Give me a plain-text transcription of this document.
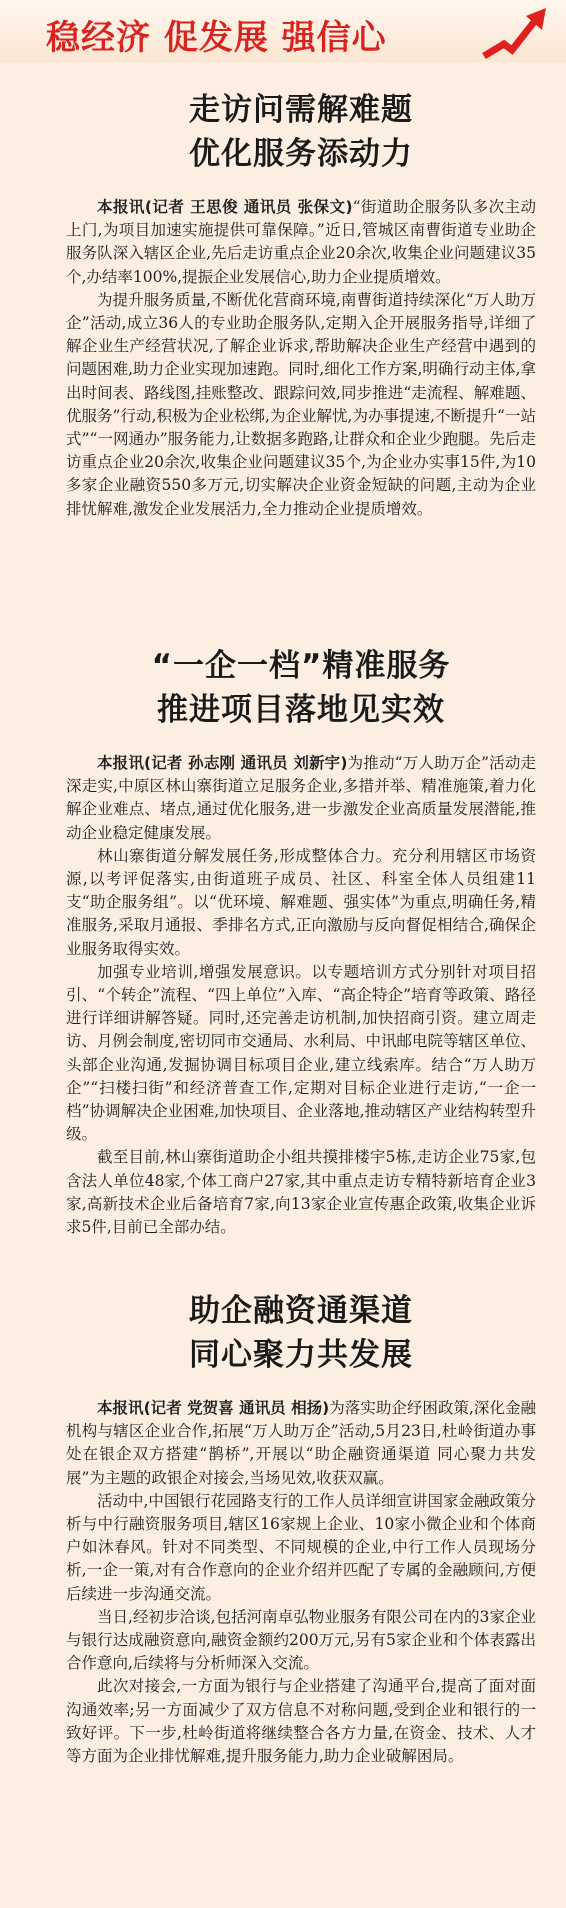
稳经济 促发展 强信心
走访问需解难题
优化服务添动力

本报讯(记者 王思俊 通讯员 张保文)“街道助企服务队多次主动上门,为项目加速实施提供可靠保障。”近日,管城区南曹街道专业助企服务队深入辖区企业,先后走访重点企业20余次,收集企业问题建议35个,办结率100%,提振企业发展信心,助力企业提质增效。

为提升服务质量,不断优化营商环境,南曹街道持续深化“万人助万企”活动,成立36人的专业助企服务队,定期入企开展服务指导,详细了解企业生产经营状况,了解企业诉求,帮助解决企业生产经营中遇到的问题困难,助力企业实现加速跑。同时,细化工作方案,明确行动主体,拿出时间表、路线图,挂账整改、跟踪问效,同步推进“走流程、解难题、优服务”行动,积极为企业松绑,为企业解忧,为办事提速,不断提升“一站式”“一网通办”服务能力,让数据多跑路,让群众和企业少跑腿。先后走访重点企业20余次,收集企业问题建议35个,为企业办实事15件,为10多家企业融资550多万元,切实解决企业资金短缺的问题,主动为企业排忧解难,激发企业发展活力,全力推动企业提质增效。

“一企一档”精准服务
推进项目落地见实效

本报讯(记者 孙志刚 通讯员 刘新宇)为推动“万人助万企”活动走深走实,中原区林山寨街道立足服务企业,多措并举、精准施策,着力化解企业难点、堵点,通过优化服务,进一步激发企业高质量发展潜能,推动企业稳定健康发展。

林山寨街道分解发展任务,形成整体合力。充分利用辖区市场资源,以考评促落实,由街道班子成员、社区、科室全体人员组建11支“助企服务组”。以“优环境、解难题、强实体”为重点,明确任务,精准服务,采取月通报、季排名方式,正向激励与反向督促相结合,确保企业服务取得实效。

加强专业培训,增强发展意识。以专题培训方式分别针对项目招引、“个转企”流程、“四上单位”入库、“高企特企”培育等政策、路径进行详细讲解答疑。同时,还完善走访机制,加快招商引资。建立周走访、月例会制度,密切同市交通局、水利局、中讯邮电院等辖区单位、头部企业沟通,发掘协调目标项目企业,建立线索库。结合“万人助万企”“扫楼扫街”和经济普查工作,定期对目标企业进行走访,“一企一档”协调解决企业困难,加快项目、企业落地,推动辖区产业结构转型升级。

截至目前,林山寨街道助企小组共摸排楼宇5栋,走访企业75家,包含法人单位48家,个体工商户27家,其中重点走访专精特新培育企业3家,高新技术企业后备培育7家,向13家企业宣传惠企政策,收集企业诉求5件,目前已全部办结。

助企融资通渠道
同心聚力共发展

本报讯(记者 党贺喜 通讯员 相扬)为落实助企纾困政策,深化金融机构与辖区企业合作,拓展“万人助万企”活动,5月23日,杜岭街道办事处在银企双方搭建“鹊桥”,开展以“助企融资通渠道 同心聚力共发展”为主题的政银企对接会,当场见效,收获双赢。

活动中,中国银行花园路支行的工作人员详细宣讲国家金融政策分析与中行融资服务项目,辖区16家规上企业、10家小微企业和个体商户如沐春风。针对不同类型、不同规模的企业,中行工作人员现场分析,一企一策,对有合作意向的企业介绍并匹配了专属的金融顾问,方便后续进一步沟通交流。

当日,经初步洽谈,包括河南卓弘物业服务有限公司在内的3家企业与银行达成融资意向,融资金额约200万元,另有5家企业和个体表露出合作意向,后续将与分析师深入交流。

此次对接会,一方面为银行与企业搭建了沟通平台,提高了面对面沟通效率;另一方面减少了双方信息不对称问题,受到企业和银行的一致好评。下一步,杜岭街道将继续整合各方力量,在资金、技术、人才等方面为企业排忧解难,提升服务能力,助力企业破解困局。
